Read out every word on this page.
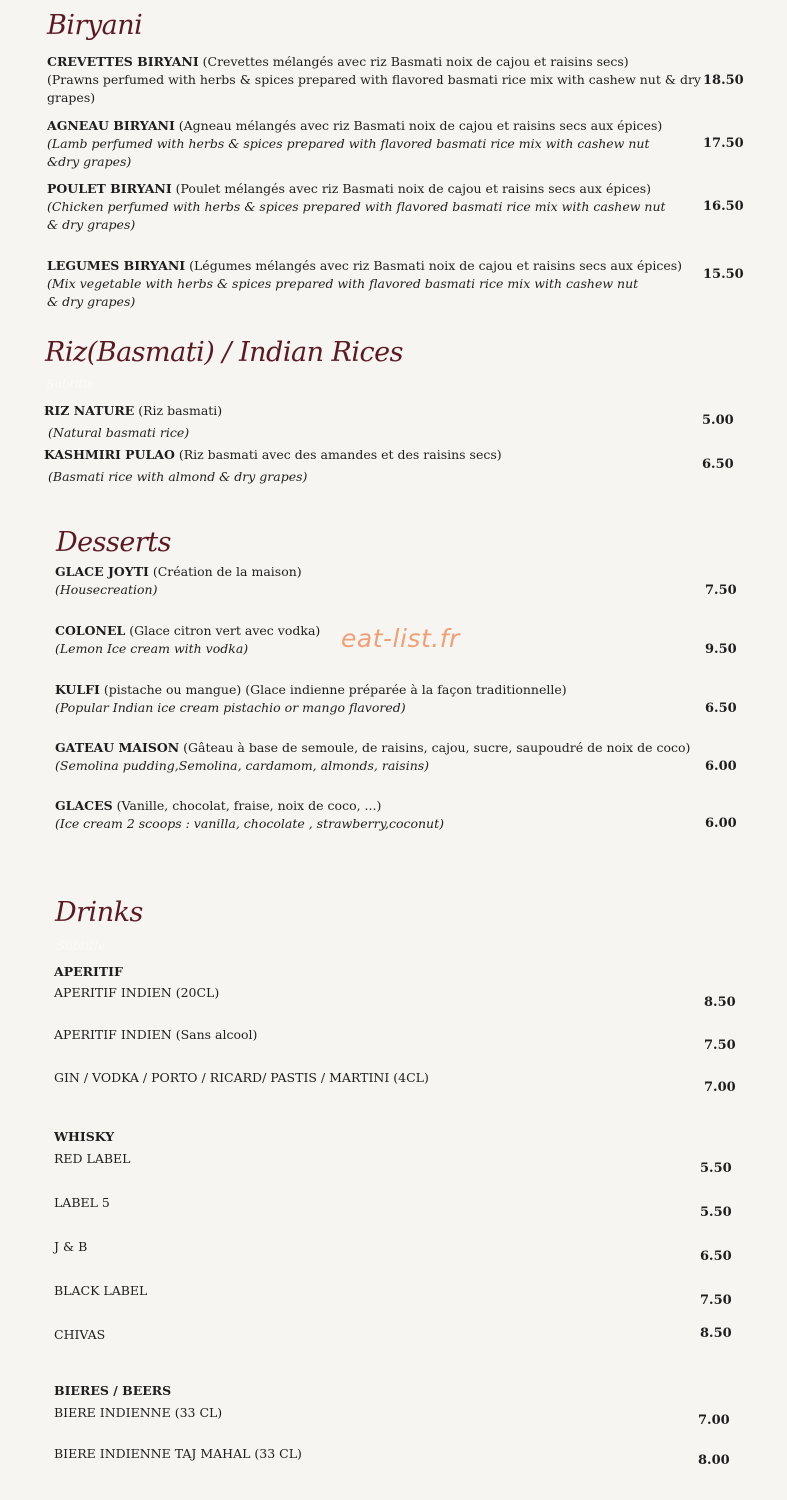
Biryani
CREVETTES BIRYANI (Crevettes mélangés avec riz Basmati noix de cajou et raisins secs)
(Prawns perfumed with herbs & spices prepared with flavored basmati rice mix with cashew nut & dry
grapes)
18.50
AGNEAU BIRYANI (Agneau mélangés avec riz Basmati noix de cajou et raisins secs aux épices)
(Lamb perfumed with herbs & spices prepared with flavored basmati rice mix with cashew nut
&dry grapes)
17.50
POULET BIRYANI (Poulet mélangés avec riz Basmati noix de cajou et raisins secs aux épices)
(Chicken perfumed with herbs & spices prepared with flavored basmati rice mix with cashew nut
& dry grapes)
16.50
LEGUMES BIRYANI (Légumes mélangés avec riz Basmati noix de cajou et raisins secs aux épices)
(Mix vegetable with herbs & spices prepared with flavored basmati rice mix with cashew nut
& dry grapes)
15.50
Riz(Basmati) / Indian Rices
Subtitle
RIZ NATURE (Riz basmati)
(Natural basmati rice)
5.00
KASHMIRI PULAO (Riz basmati avec des amandes et des raisins secs)
(Basmati rice with almond & dry grapes)
6.50
Desserts
GLACE JOYTI (Création de la maison)
(Housecreation)	7.50
COLONEL (Glace citron vert avec vodka)
(Lemon Ice cream with vodka)	9.50
KULFI (pistache ou mangue) (Glace indienne préparée à la façon traditionnelle)
(Popular Indian ice cream pistachio or mango flavored)	6.50
GATEAU MAISON (Gâteau à base de semoule, de raisins, cajou, sucre, saupoudré de noix de coco)
(Semolina pudding,Semolina, cardamom, almonds, raisins)	6.00
GLACES (Vanille, chocolat, fraise, noix de coco, ...)
(Ice cream 2 scoops : vanilla, chocolate , strawberry,coconut)	6.00
eat-list.fr
Drinks
Subtitle
APERITIF
APERITIF INDIEN (20CL)
8.50
APERITIF INDIEN (Sans alcool)
7.50
GIN / VODKA / PORTO / RICARD/ PASTIS / MARTINI (4CL)
7.00
WHISKY
RED LABEL
5.50
LABEL 5
5.50
J & B
6.50
BLACK LABEL
7.50
CHIVAS	8.50
BIERES / BEERS
BIERE INDIENNE (33 CL)
7.00
BIERE INDIENNE TAJ MAHAL (33 CL)	8.00
